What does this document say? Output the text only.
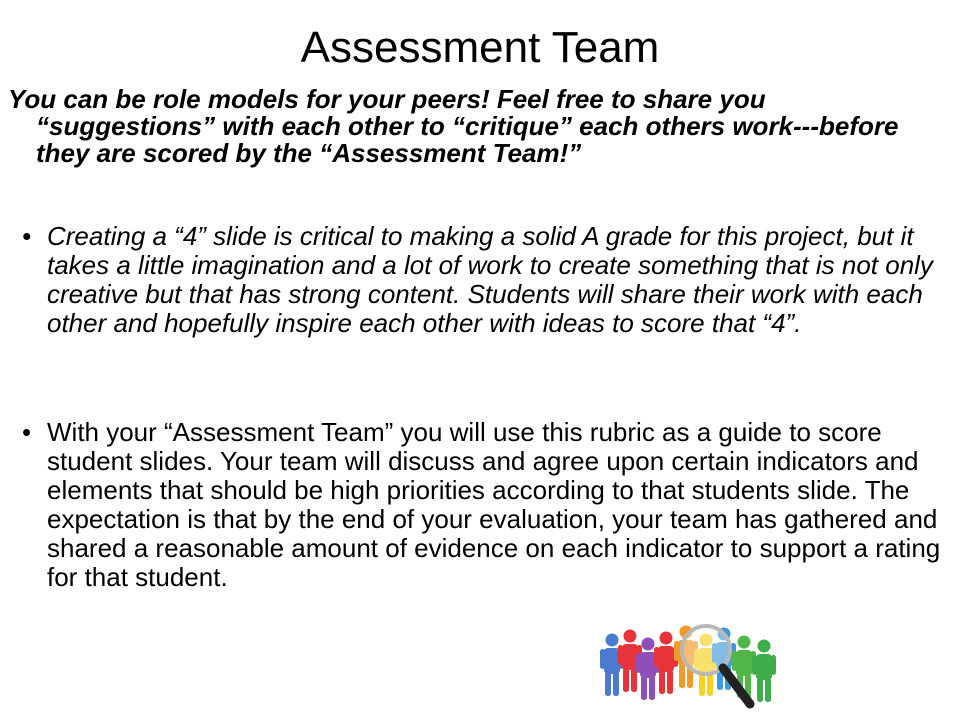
Assessment Team
You can be role models for your peers! Feel free to share you
“suggestions” with each other to “critique” each others work---before they are scored by the “Assessment Team!”
• Creating a “4” slide is critical to making a solid A grade for this project, but it takes a little imagination and a lot of work to create something that is not only creative but that has strong content. Students will share their work with each other and hopefully inspire each other with ideas to score that “4”.
• With your “Assessment Team” you will use this rubric as a guide to score student slides. Your team will discuss and agree upon certain indicators and elements that should be high priorities according to that students slide. The expectation is that by the end of your evaluation, your team has gathered and shared a reasonable amount of evidence on each indicator to support a rating for that student.
